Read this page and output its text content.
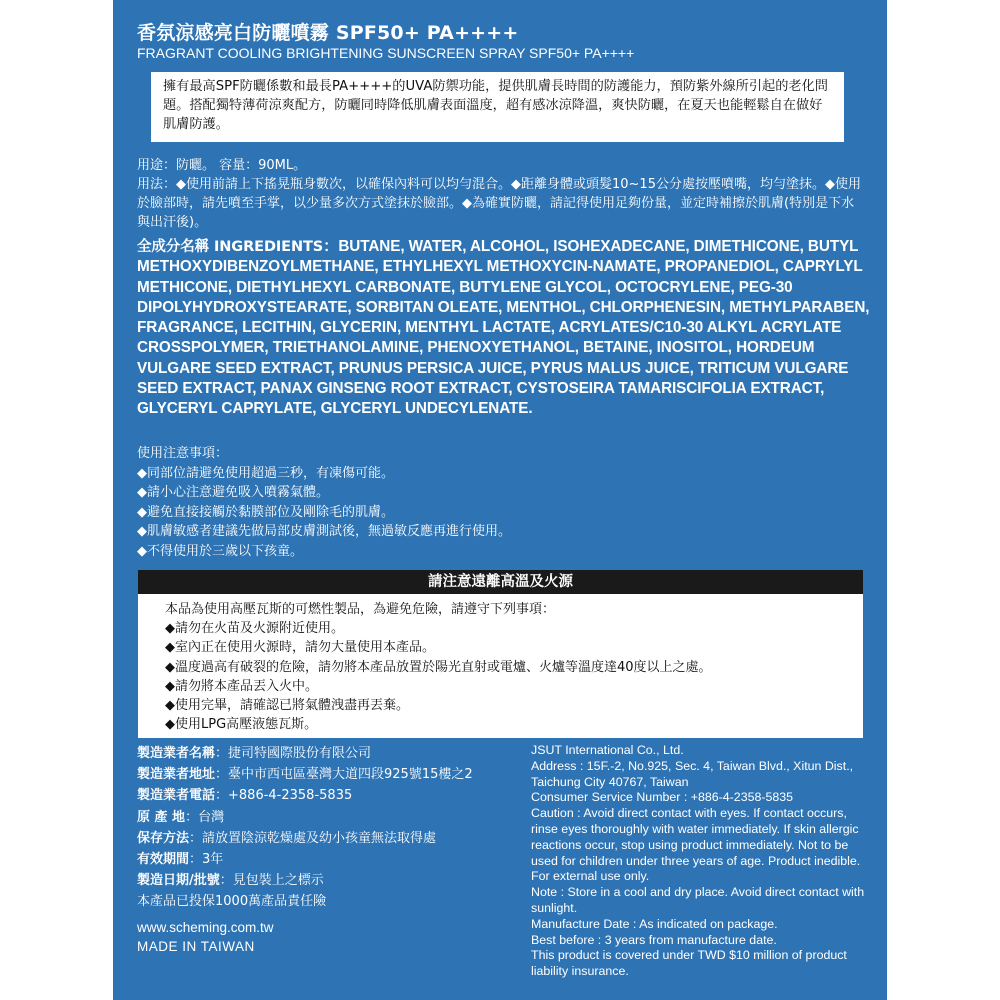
香氛涼感亮白防曬噴霧 SPF50+ PA++++
FRAGRANT COOLING BRIGHTENING SUNSCREEN SPRAY SPF50+ PA++++
擁有最高SPF防曬係數和最長PA++++的UVA防禦功能，提供肌膚長時間的防護能力，預防紫外線所引起的老化問題。搭配獨特薄荷涼爽配方，防曬同時降低肌膚表面溫度，超有感冰涼降溫，爽快防曬，在夏天也能輕鬆自在做好肌膚防護。
用途：防曬。 容量：90ML。
用法：◆使用前請上下搖晃瓶身數次，以確保內料可以均勻混合。◆距離身體或頭髮10~15公分處按壓噴嘴，均勻塗抹。◆使用於臉部時，請先噴至手掌，以少量多次方式塗抹於臉部。◆為確實防曬，請記得使用足夠份量，並定時補擦於肌膚(特別是下水與出汗後)。
全成分名稱 INGREDIENTS：BUTANE, WATER, ALCOHOL, ISOHEXADECANE, DIMETHICONE, BUTYL METHOXYDIBENZOYLMETHANE, ETHYLHEXYL METHOXYCIN-NAMATE, PROPANEDIOL, CAPRYLYL METHICONE, DIETHYLHEXYL CARBONATE, BUTYLENE GLYCOL, OCTOCRYLENE, PEG-30 DIPOLYHYDROXYSTEARATE, SORBITAN OLEATE, MENTHOL, CHLORPHENESIN, METHYLPARABEN, FRAGRANCE, LECITHIN, GLYCERIN, MENTHYL LACTATE, ACRYLATES/C10-30 ALKYL ACRYLATE CROSSPOLYMER, TRIETHANOLAMINE, PHENOXYETHANOL, BETAINE, INOSITOL, HORDEUM VULGARE SEED EXTRACT, PRUNUS PERSICA JUICE, PYRUS MALUS JUICE, TRITICUM VULGARE SEED EXTRACT, PANAX GINSENG ROOT EXTRACT, CYSTOSEIRA TAMARISCIFOLIA EXTRACT, GLYCERYL CAPRYLATE, GLYCERYL UNDECYLENATE.
使用注意事項：
◆同部位請避免使用超過三秒，有凍傷可能。
◆請小心注意避免吸入噴霧氣體。
◆避免直接接觸於黏膜部位及剛除毛的肌膚。
◆肌膚敏感者建議先做局部皮膚測試後，無過敏反應再進行使用。
◆不得使用於三歲以下孩童。
請注意遠離高溫及火源
本品為使用高壓瓦斯的可燃性製品，為避免危險，請遵守下列事項：
◆請勿在火苗及火源附近使用。
◆室內正在使用火源時，請勿大量使用本產品。
◆溫度過高有破裂的危險，請勿將本產品放置於陽光直射或電爐、火爐等溫度達40度以上之處。
◆請勿將本產品丟入火中。
◆使用完畢，請確認已將氣體洩盡再丟棄。
◆使用LPG高壓液態瓦斯。
製造業者名稱：捷司特國際股份有限公司
製造業者地址：臺中市西屯區臺灣大道四段925號15樓之2
製造業者電話：+886-4-2358-5835
原 產 地：台灣
保存方法：請放置陰涼乾燥處及幼小孩童無法取得處
有效期間：3年
製造日期/批號：見包裝上之標示
本產品已投保1000萬產品責任險
www.scheming.com.tw
MADE IN TAIWAN
JSUT International Co., Ltd.
Address : 15F.-2, No.925, Sec. 4, Taiwan Blvd., Xitun Dist., Taichung City 40767, Taiwan
Consumer Service Number : +886-4-2358-5835
Caution : Avoid direct contact with eyes. If contact occurs, rinse eyes thoroughly with water immediately. If skin allergic reactions occur, stop using product immediately. Not to be used for children under three years of age. Product inedible. For external use only.
Note : Store in a cool and dry place. Avoid direct contact with sunlight.
Manufacture Date : As indicated on package.
Best before : 3 years from manufacture date.
This product is covered under TWD $10 million of product liability insurance.
